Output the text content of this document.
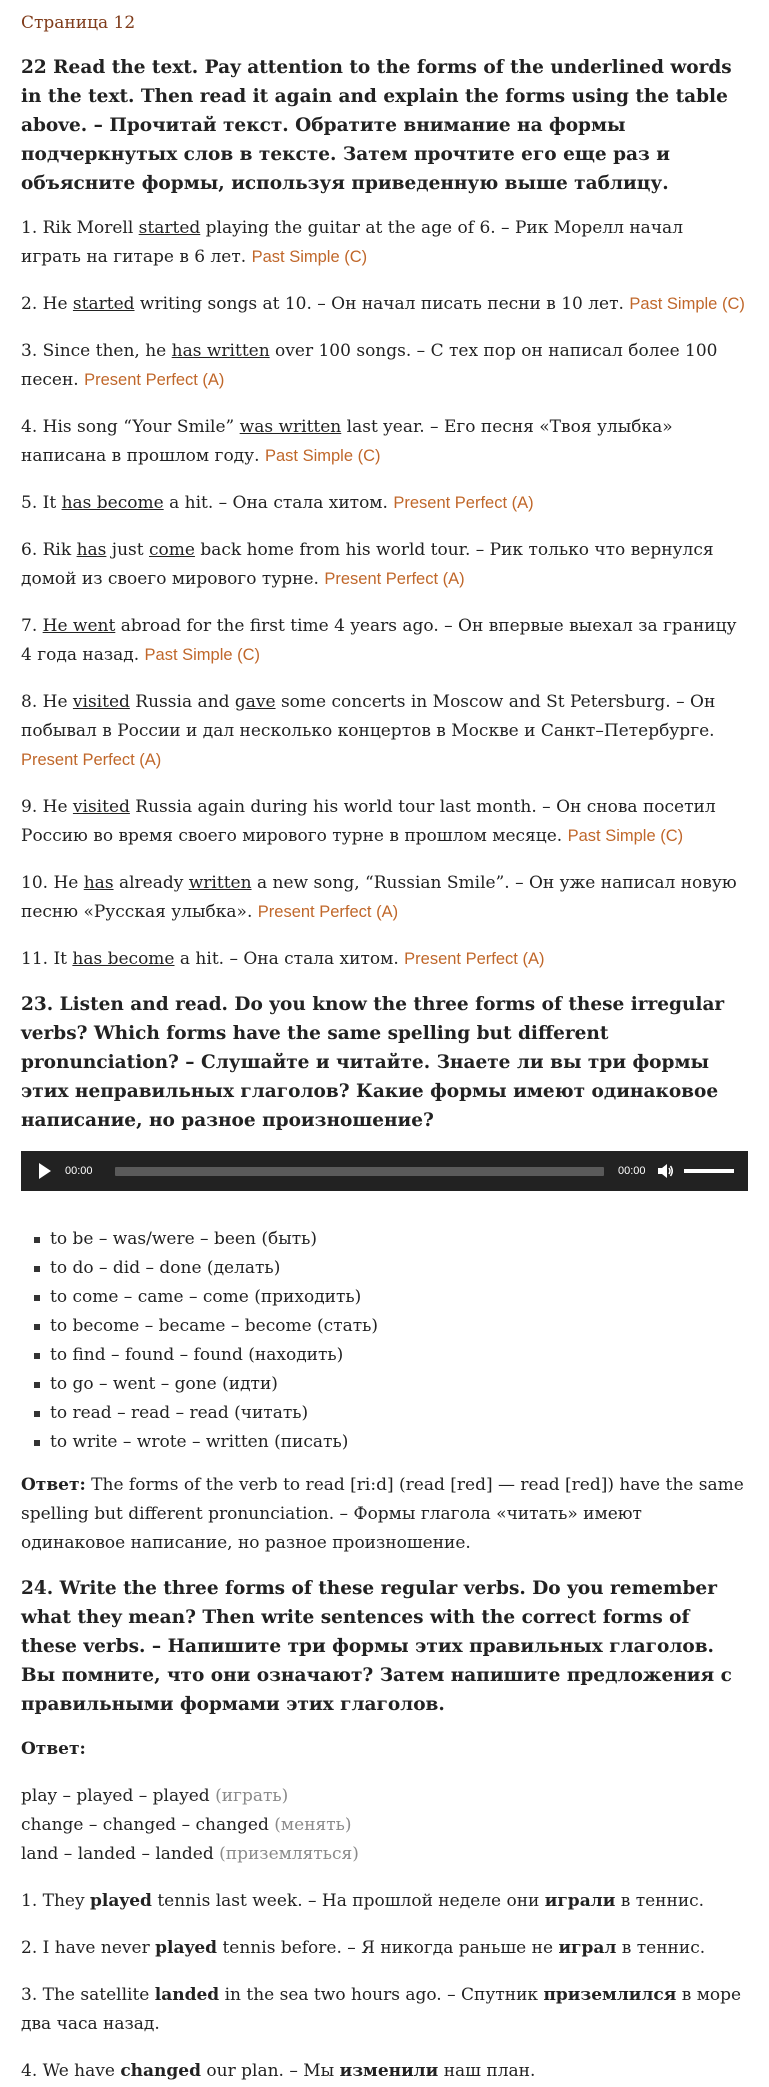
Страница 12
22 Read the text. Pay attention to the forms of the underlined words in the text. Then read it again and explain the forms using the table above. – Прочитай текст. Обратите внимание на формы подчеркнутых слов в тексте. Затем прочтите его еще раз и объясните формы, используя приведенную выше таблицу.

1. Rik Morell started playing the guitar at the age of 6. – Рик Морелл начал играть на гитаре в 6 лет. Past Simple (C)

2. He started writing songs at 10. – Он начал писать песни в 10 лет. Past Simple (C)

3. Since then, he has written over 100 songs. – С тех пор он написал более 100 песен. Present Perfect (A)

4. His song “Your Smile” was written last year. – Его песня «Твоя улыбка» написана в прошлом году. Past Simple (C)

5. It has become a hit. – Она стала хитом. Present Perfect (A)

6. Rik has just come back home from his world tour. – Рик только что вернулся домой из своего мирового турне. Present Perfect (A)

7. He went abroad for the first time 4 years ago. – Он впервые выехал за границу 4 года назад. Past Simple (C)

8. He visited Russia and gave some concerts in Moscow and St Petersburg. – Он побывал в России и дал несколько концертов в Москве и Санкт–Петербурге. Present Perfect (A)

9. He visited Russia again during his world tour last month. – Он снова посетил Россию во время своего мирового турне в прошлом месяце. Past Simple (C)

10. He has already written a new song, “Russian Smile”. – Он уже написал новую песню «Русская улыбка». Present Perfect (A)

11. It has become a hit. – Она стала хитом. Present Perfect (A)

23. Listen and read. Do you know the three forms of these irregular verbs? Which forms have the same spelling but different pronunciation? – Слушайте и читайте. Знаете ли вы три формы этих неправильных глаголов? Какие формы имеют одинаковое написание, но разное произношение?
00:00	00:00
to be – was/were – been (быть)
to do – did – done (делать)
to come – came – come (приходить)
to become – became – become (стать)
to find – found – found (находить)
to go – went – gone (идти)
to read – read – read (читать)
to write – wrote – written (писать)

Ответ: The forms of the verb to read [ri:d] (read [red] — read [red]) have the same spelling but different pronunciation. – Формы глагола «читать» имеют одинаковое написание, но разное произношение.

24. Write the three forms of these regular verbs. Do you remember what they mean? Then write sentences with the correct forms of these verbs. – Напишите три формы этих правильных глаголов. Вы помните, что они означают? Затем напишите предложения с правильными формами этих глаголов.

Ответ:

play – played – played (играть)
change – changed – changed (менять)
land – landed – landed (приземляться)

1. They played tennis last week. – На прошлой неделе они играли в теннис.

2. I have never played tennis before. – Я никогда раньше не играл в теннис.

3. The satellite landed in the sea two hours ago. – Спутник приземлился в море два часа назад.

4. We have changed our plan. – Мы изменили наш план.
